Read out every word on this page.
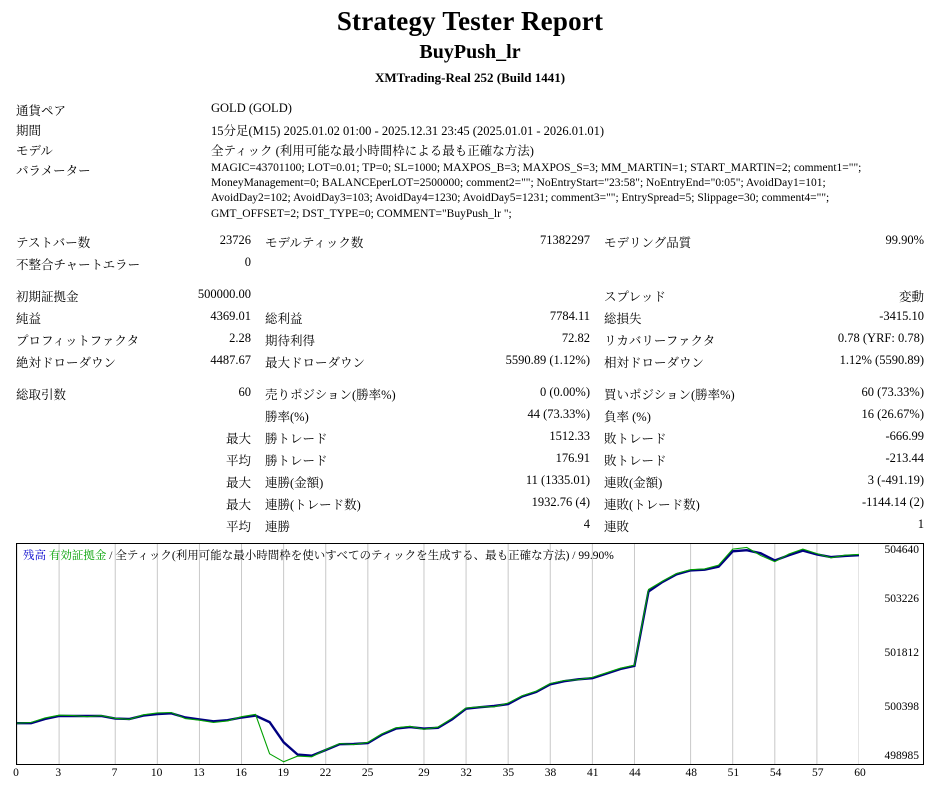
Strategy Tester Report
BuyPush_lr
XMTrading-Real 252 (Build 1441)
通貨ペア	GOLD (GOLD)
期間	15分足(M15) 2025.01.02 01:00 - 2025.12.31 23:45 (2025.01.01 - 2026.01.01)
モデル	全ティック (利用可能な最小時間枠による最も正確な方法)
パラメーター	MAGIC=43701100; LOT=0.01; TP=0; SL=1000; MAXPOS_B=3; MAXPOS_S=3; MM_MARTIN=1; START_MARTIN=2; comment1="";
MoneyManagement=0; BALANCEperLOT=2500000; comment2=""; NoEntryStart="23:58"; NoEntryEnd="0:05"; AvoidDay1=101;
AvoidDay2=102; AvoidDay3=103; AvoidDay4=1230; AvoidDay5=1231; comment3=""; EntrySpread=5; Slippage=30; comment4="";
GMT_OFFSET=2; DST_TYPE=0; COMMENT="BuyPush_lr ";
テストバー数	23726	モデルティック数	71382297	モデリング品質	99.90%
不整合チャートエラー	0				

初期証拠金	500000.00			スプレッド	変動
純益	4369.01	総利益	7784.11	総損失	-3415.10
プロフィットファクタ	2.28	期待利得	72.82	リカバリーファクタ	0.78 (YRF: 0.78)
絶対ドローダウン	4487.67	最大ドローダウン	5590.89 (1.12%)	相対ドローダウン	1.12% (5590.89)

総取引数	60	売りポジション(勝率%)	0 (0.00%)	買いポジション(勝率%)	60 (73.33%)
		勝率(%)	44 (73.33%)	負率 (%)	16 (26.67%)
	最大	勝トレード	1512.33	敗トレード	-666.99
	平均	勝トレード	176.91	敗トレード	-213.44
	最大	連勝(金額)	11 (1335.01)	連敗(金額)	3 (-491.19)
	最大	連勝(トレード数)	1932.76 (4)	連敗(トレード数)	-1144.14 (2)
	平均	連勝	4	連敗	1
残高 有効証拠金 / 全ティック(利用可能な最小時間枠を使いすべてのティックを生成する、最も正確な方法) / 99.90%
498985
500398
501812
503226
504640
0	3	7	10	13	16	19	22	25	29	32	35	38	41	44	48	51	54	57	60
